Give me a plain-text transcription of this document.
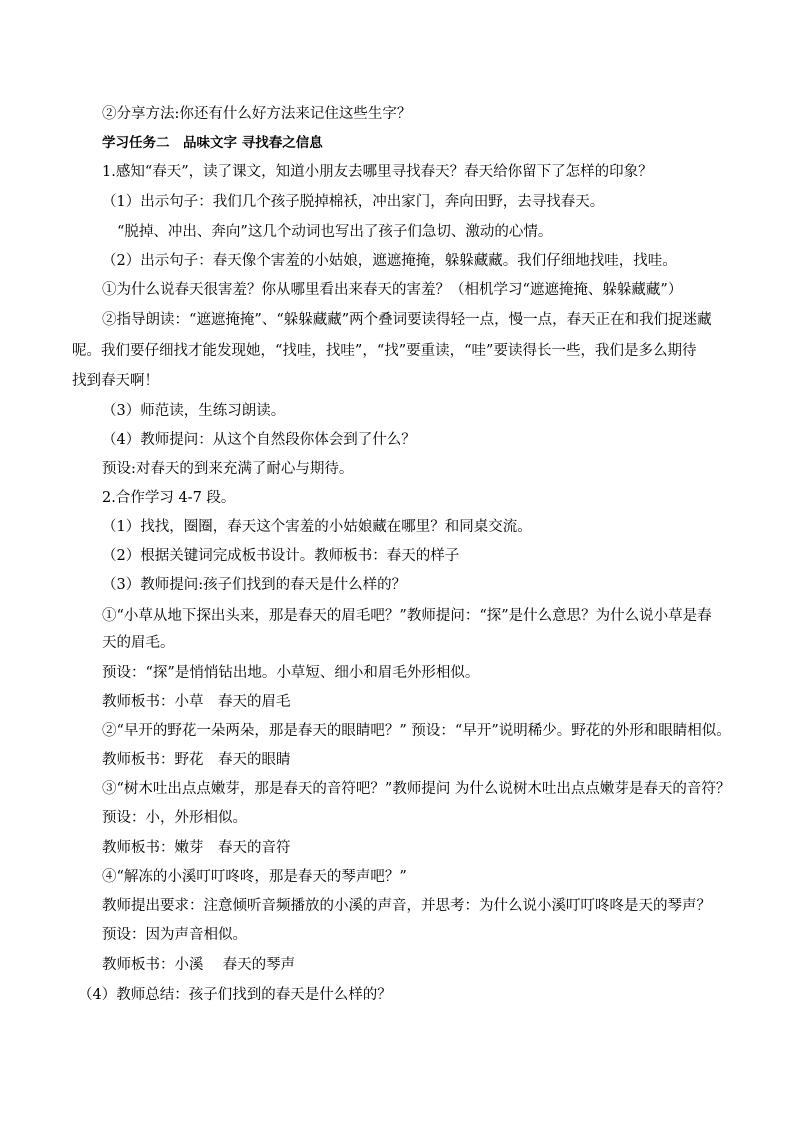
②分享方法:你还有什么好方法来记住这些生字？
学习任务二　品味文字 寻找春之信息
1.感知“春天”，读了课文，知道小朋友去哪里寻找春天？春天给你留下了怎样的印象？
（1）出示句子：我们几个孩子脱掉棉袄，冲出家门，奔向田野，去寻找春天。
“脱掉、冲出、奔向”这几个动词也写出了孩子们急切、激动的心情。
（2）出示句子：春天像个害羞的小姑娘，遮遮掩掩，躲躲藏藏。我们仔细地找哇，找哇。
①为什么说春天很害羞？你从哪里看出来春天的害羞？（相机学习“遮遮掩掩、躲躲藏藏”）
②指导朗读：“遮遮掩掩”、“躲躲藏藏”两个叠词要读得轻一点，慢一点，春天正在和我们捉迷藏
呢。我们要仔细找才能发现她，“找哇，找哇”，“找”要重读，“哇”要读得长一些，我们是多么期待
找到春天啊！
（3）师范读，生练习朗读。
（4）教师提问：从这个自然段你体会到了什么？
预设:对春天的到来充满了耐心与期待。
2.合作学习 4-7 段。
（1）找找，圈圈，春天这个害羞的小姑娘藏在哪里？和同桌交流。
（2）根据关键词完成板书设计。教师板书：春天的样子
（3）教师提问:孩子们找到的春天是什么样的？
①“小草从地下探出头来，那是春天的眉毛吧？”教师提问：“探”是什么意思？为什么说小草是春
天的眉毛。
预设：“探”是悄悄钻出地。小草短、细小和眉毛外形相似。
教师板书：小草　春天的眉毛
②“早开的野花一朵两朵，那是春天的眼睛吧？” 预设：“早开”说明稀少。野花的外形和眼睛相似。
教师板书：野花　春天的眼睛
③“树木吐出点点嫩芽，那是春天的音符吧？”教师提问 为什么说树木吐出点点嫩芽是春天的音符？
预设：小，外形相似。
教师板书：嫩芽　春天的音符
④“解冻的小溪叮叮咚咚，那是春天的琴声吧？”
教师提出要求：注意倾听音频播放的小溪的声音，并思考：为什么说小溪叮叮咚咚是天的琴声？
预设：因为声音相似。
教师板书：小溪　 春天的琴声
（4）教师总结：孩子们找到的春天是什么样的？
